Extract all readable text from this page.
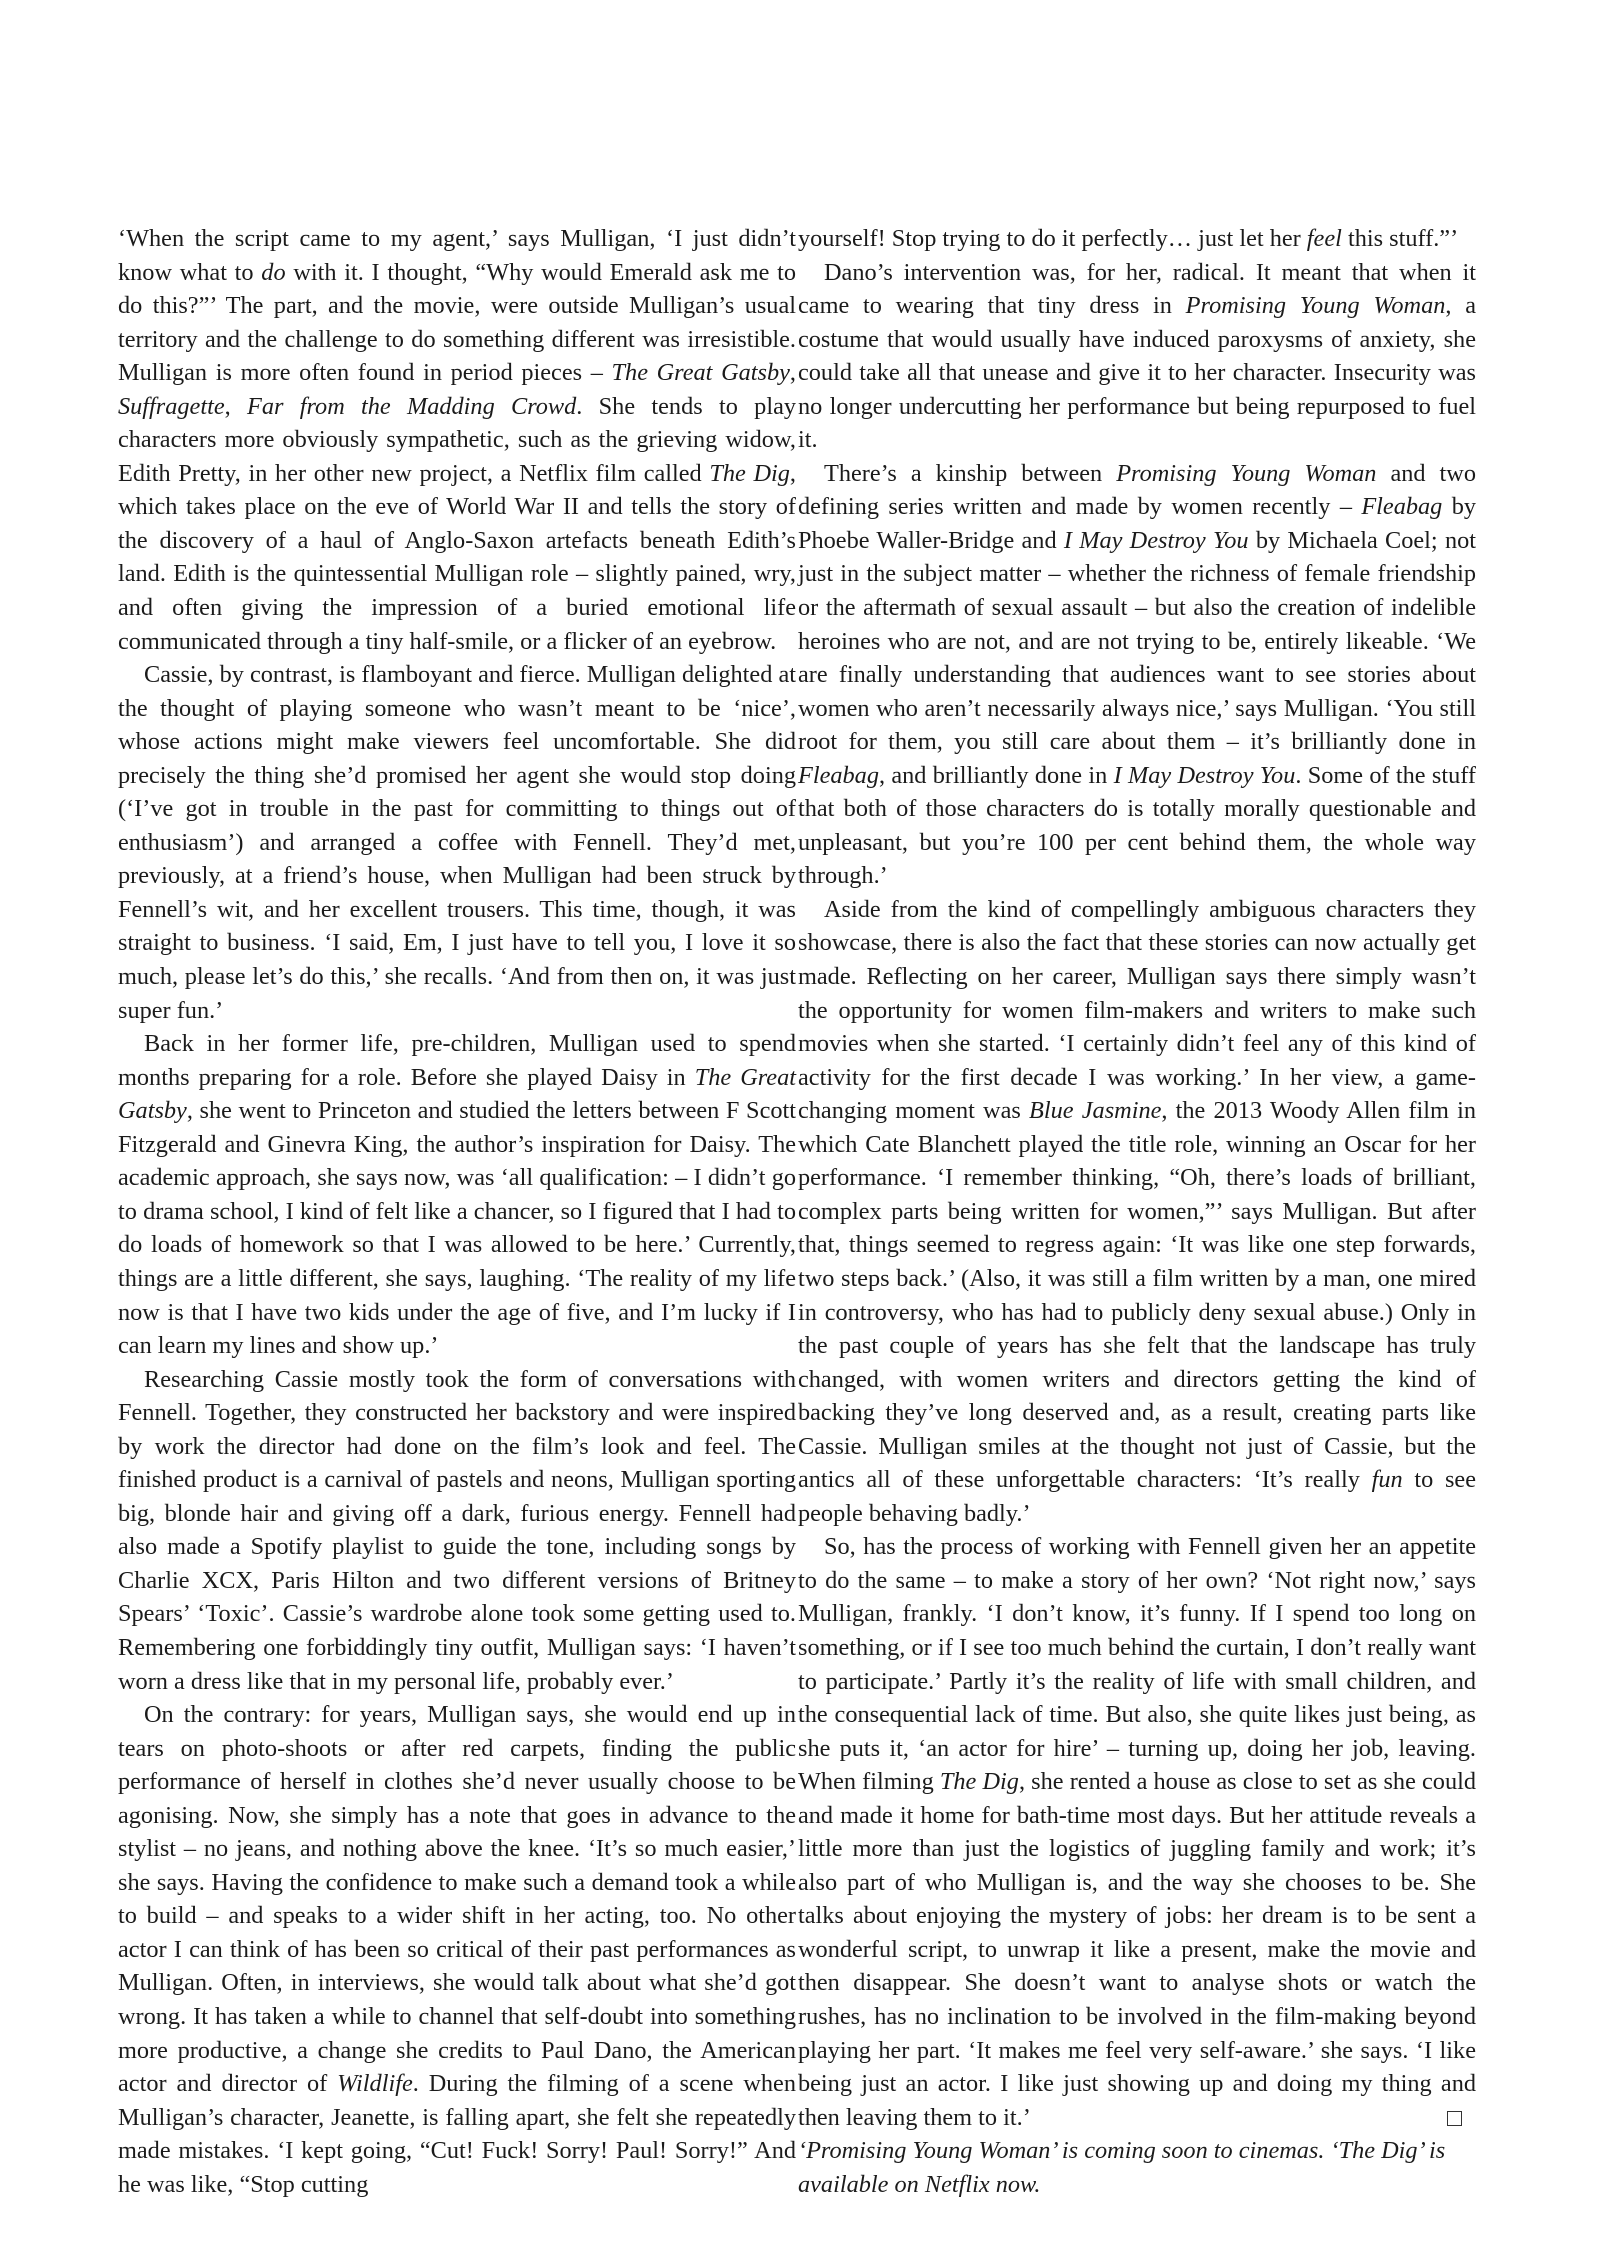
‘When the script came to my agent,’ says Mulligan, ‘I just didn’t know what to do with it. I thought, “Why would Emerald ask me to do this?”’ The part, and the movie, were outside Mulligan’s usual territory and the challenge to do something different was irresistible. Mulligan is more often found in period pieces – The Great Gatsby, Suffragette, Far from the Madding Crowd. She tends to play characters more obviously sympathetic, such as the grieving widow, Edith Pretty, in her other new project, a Netflix film called The Dig, which takes place on the eve of World War II and tells the story of the discovery of a haul of Anglo-Saxon artefacts beneath Edith’s land. Edith is the quintessential Mulligan role – slightly pained, wry, and often giving the impression of a buried emotional life communicated through a tiny half-smile, or a flicker of an eyebrow.

Cassie, by contrast, is flamboyant and fierce. Mulligan delighted at the thought of playing someone who wasn’t meant to be ‘nice’, whose actions might make viewers feel uncomfortable. She did precisely the thing she’d promised her agent she would stop doing (‘I’ve got in trouble in the past for committing to things out of enthusiasm’) and arranged a coffee with Fennell. They’d met, previously, at a friend’s house, when Mulligan had been struck by Fennell’s wit, and her excellent trousers. This time, though, it was straight to business. ‘I said, Em, I just have to tell you, I love it so much, please let’s do this,’ she recalls. ‘And from then on, it was just super fun.’

Back in her former life, pre-children, Mulligan used to spend months preparing for a role. Before she played Daisy in The Great Gatsby, she went to Princeton and studied the letters between F Scott Fitzgerald and Ginevra King, the author’s inspiration for Daisy. The academic approach, she says now, was ‘all qualification: – I didn’t go to drama school, I kind of felt like a chancer, so I figured that I had to do loads of homework so that I was allowed to be here.’ Currently, things are a little different, she says, laughing. ‘The reality of my life now is that I have two kids under the age of five, and I’m lucky if I can learn my lines and show up.’

Researching Cassie mostly took the form of conversations with Fennell. Together, they constructed her backstory and were inspired by work the director had done on the film’s look and feel. The finished product is a carnival of pastels and neons, Mulligan sporting big, blonde hair and giving off a dark, furious energy. Fennell had also made a Spotify playlist to guide the tone, including songs by Charlie XCX, Paris Hilton and two different versions of Britney Spears’ ‘Toxic’. Cassie’s wardrobe alone took some getting used to. Remembering one forbiddingly tiny outfit, Mulligan says: ‘I haven’t worn a dress like that in my personal life, probably ever.’

On the contrary: for years, Mulligan says, she would end up in tears on photo-shoots or after red carpets, finding the public performance of herself in clothes she’d never usually choose to be agonising. Now, she simply has a note that goes in advance to the stylist – no jeans, and nothing above the knee. ‘It’s so much easier,’ she says. Having the confidence to make such a demand took a while to build – and speaks to a wider shift in her acting, too. No other actor I can think of has been so critical of their past performances as Mulligan. Often, in interviews, she would talk about what she’d got wrong. It has taken a while to channel that self-doubt into something more productive, a change she credits to Paul Dano, the American actor and director of Wildlife. During the filming of a scene when Mulligan’s character, Jeanette, is falling apart, she felt she repeatedly made mistakes. ‘I kept going, “Cut! Fuck! Sorry! Paul! Sorry!” And he was like, “Stop cutting

yourself! Stop trying to do it perfectly… just let her feel this stuff.”’

Dano’s intervention was, for her, radical. It meant that when it came to wearing that tiny dress in Promising Young Woman, a costume that would usually have induced paroxysms of anxiety, she could take all that unease and give it to her character. Insecurity was no longer undercutting her performance but being repurposed to fuel it.

There’s a kinship between Promising Young Woman and two defining series written and made by women recently – Fleabag by Phoebe Waller-Bridge and I May Destroy You by Michaela Coel; not just in the subject matter – whether the richness of female friendship or the aftermath of sexual assault – but also the creation of indelible heroines who are not, and are not trying to be, entirely likeable. ‘We are finally understanding that audiences want to see stories about women who aren’t necessarily always nice,’ says Mulligan. ‘You still root for them, you still care about them – it’s brilliantly done in Fleabag, and brilliantly done in I May Destroy You. Some of the stuff that both of those characters do is totally morally questionable and unpleasant, but you’re 100 per cent behind them, the whole way through.’

Aside from the kind of compellingly ambiguous characters they showcase, there is also the fact that these stories can now actually get made. Reflecting on her career, Mulligan says there simply wasn’t the opportunity for women film-makers and writers to make such movies when she started. ‘I certainly didn’t feel any of this kind of activity for the first decade I was working.’ In her view, a game-changing moment was Blue Jasmine, the 2013 Woody Allen film in which Cate Blanchett played the title role, winning an Oscar for her performance. ‘I remember thinking, “Oh, there’s loads of brilliant, complex parts being written for women,”’ says Mulligan. But after that, things seemed to regress again: ‘It was like one step forwards, two steps back.’ (Also, it was still a film written by a man, one mired in controversy, who has had to publicly deny sexual abuse.) Only in the past couple of years has she felt that the landscape has truly changed, with women writers and directors getting the kind of backing they’ve long deserved and, as a result, creating parts like Cassie. Mulligan smiles at the thought not just of Cassie, but the antics all of these unforgettable characters: ‘It’s really fun to see people behaving badly.’

So, has the process of working with Fennell given her an appetite to do the same – to make a story of her own? ‘Not right now,’ says Mulligan, frankly. ‘I don’t know, it’s funny. If I spend too long on something, or if I see too much behind the curtain, I don’t really want to participate.’ Partly it’s the reality of life with small children, and the consequential lack of time. But also, she quite likes just being, as she puts it, ‘an actor for hire’ – turning up, doing her job, leaving. When filming The Dig, she rented a house as close to set as she could and made it home for bath-time most days. But her attitude reveals a little more than just the logistics of juggling family and work; it’s also part of who Mulligan is, and the way she chooses to be. She talks about enjoying the mystery of jobs: her dream is to be sent a wonderful script, to unwrap it like a present, make the movie and then disappear. She doesn’t want to analyse shots or watch the rushes, has no inclination to be involved in the film-making beyond playing her part. ‘It makes me feel very self-aware.’ she says. ‘I like being just an actor. I like just showing up and doing my thing and then leaving them to it.’

‘Promising Young Woman’ is coming soon to cinemas. ‘The Dig’ is available on Netflix now.
